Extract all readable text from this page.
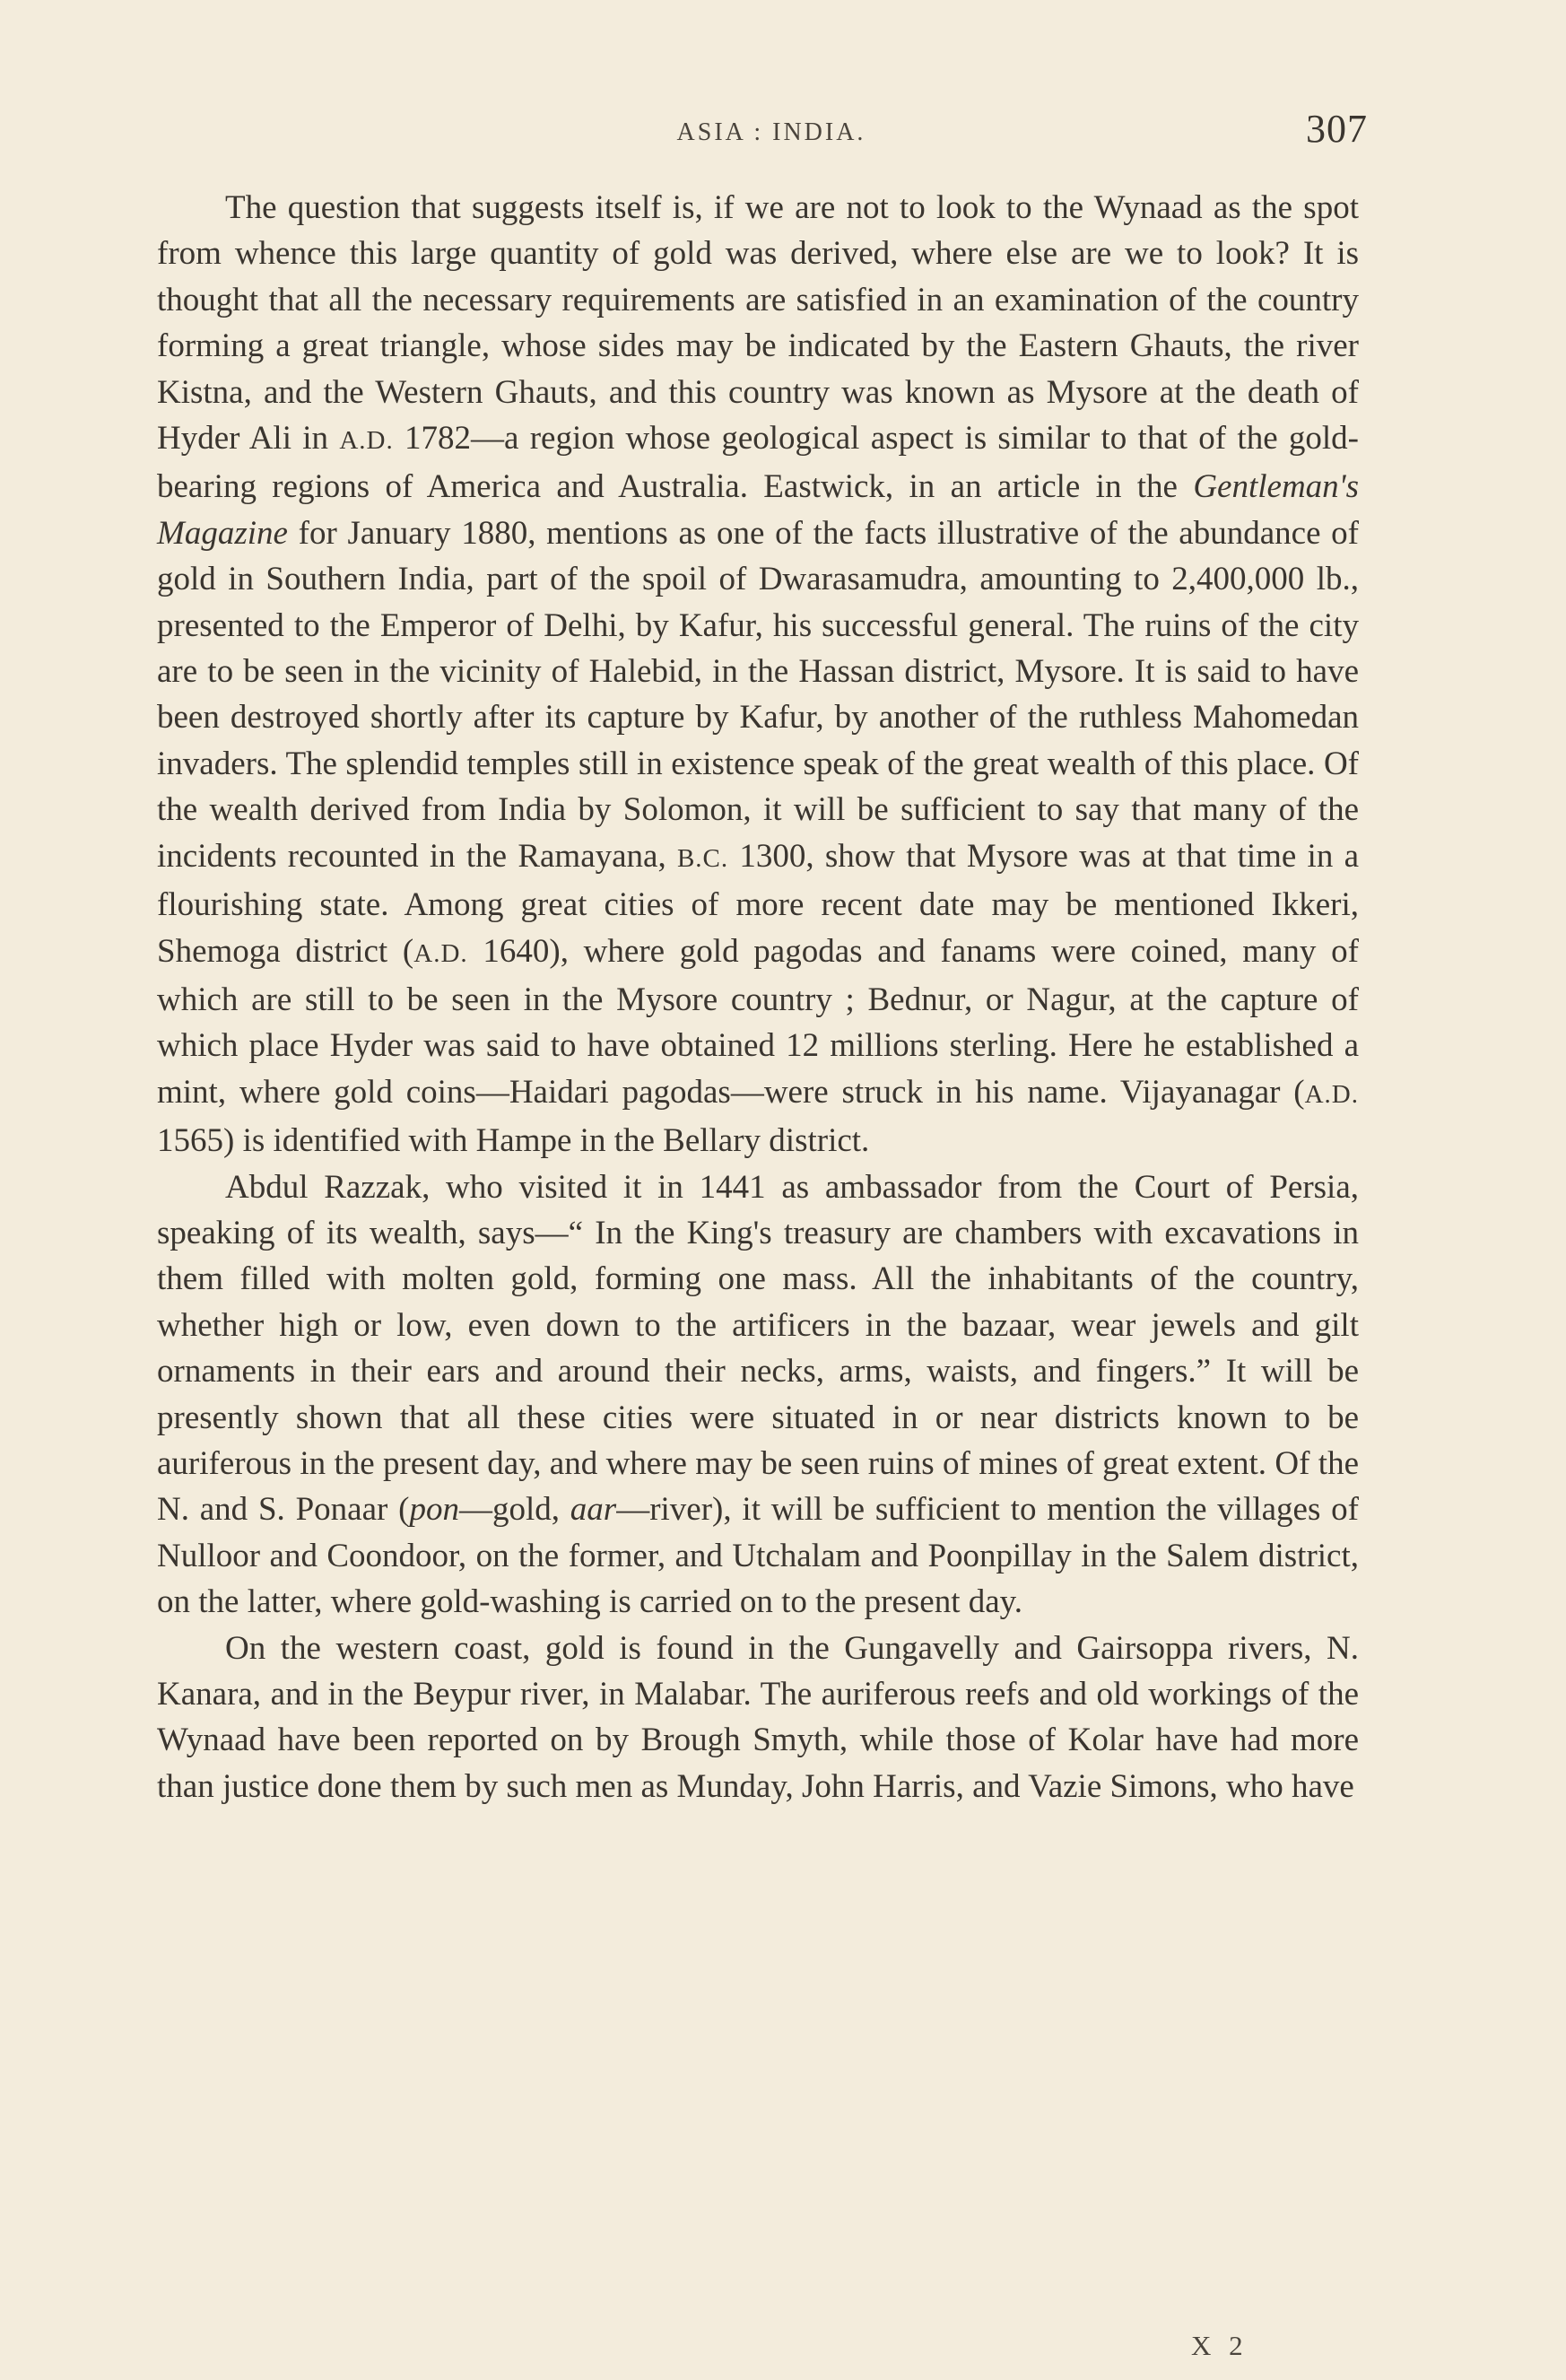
ASIA : INDIA.	307

The question that suggests itself is, if we are not to look to the Wynaad as the spot from whence this large quantity of gold was derived, where else are we to look? It is thought that all the necessary requirements are satisfied in an examination of the country forming a great triangle, whose sides may be indicated by the Eastern Ghauts, the river Kistna, and the Western Ghauts, and this country was known as Mysore at the death of Hyder Ali in A.D. 1782—a region whose geological aspect is similar to that of the gold-bearing regions of America and Australia. Eastwick, in an article in the Gentleman's Magazine for January 1880, mentions as one of the facts illustrative of the abundance of gold in Southern India, part of the spoil of Dwarasamudra, amounting to 2,400,000 lb., presented to the Emperor of Delhi, by Kafur, his successful general. The ruins of the city are to be seen in the vicinity of Halebid, in the Hassan district, Mysore. It is said to have been destroyed shortly after its capture by Kafur, by another of the ruthless Mahomedan invaders. The splendid temples still in existence speak of the great wealth of this place. Of the wealth derived from India by Solomon, it will be sufficient to say that many of the incidents recounted in the Ramayana, B.C. 1300, show that Mysore was at that time in a flourishing state. Among great cities of more recent date may be mentioned Ikkeri, Shemoga district (A.D. 1640), where gold pagodas and fanams were coined, many of which are still to be seen in the Mysore country ; Bednur, or Nagur, at the capture of which place Hyder was said to have obtained 12 millions sterling. Here he established a mint, where gold coins—Haidari pagodas—were struck in his name. Vijayanagar (A.D. 1565) is identified with Hampe in the Bellary district.

Abdul Razzak, who visited it in 1441 as ambassador from the Court of Persia, speaking of its wealth, says—“ In the King's treasury are chambers with excavations in them filled with molten gold, forming one mass. All the inhabitants of the country, whether high or low, even down to the artificers in the bazaar, wear jewels and gilt ornaments in their ears and around their necks, arms, waists, and fingers.” It will be presently shown that all these cities were situated in or near districts known to be auriferous in the present day, and where may be seen ruins of mines of great extent. Of the N. and S. Ponaar (pon—gold, aar—river), it will be sufficient to mention the villages of Nulloor and Coondoor, on the former, and Utchalam and Poonpillay in the Salem district, on the latter, where gold-washing is carried on to the present day.

On the western coast, gold is found in the Gungavelly and Gairsoppa rivers, N. Kanara, and in the Beypur river, in Malabar. The auriferous reefs and old workings of the Wynaad have been reported on by Brough Smyth, while those of Kolar have had more than justice done them by such men as Munday, John Harris, and Vazie Simons, who have

X 2
